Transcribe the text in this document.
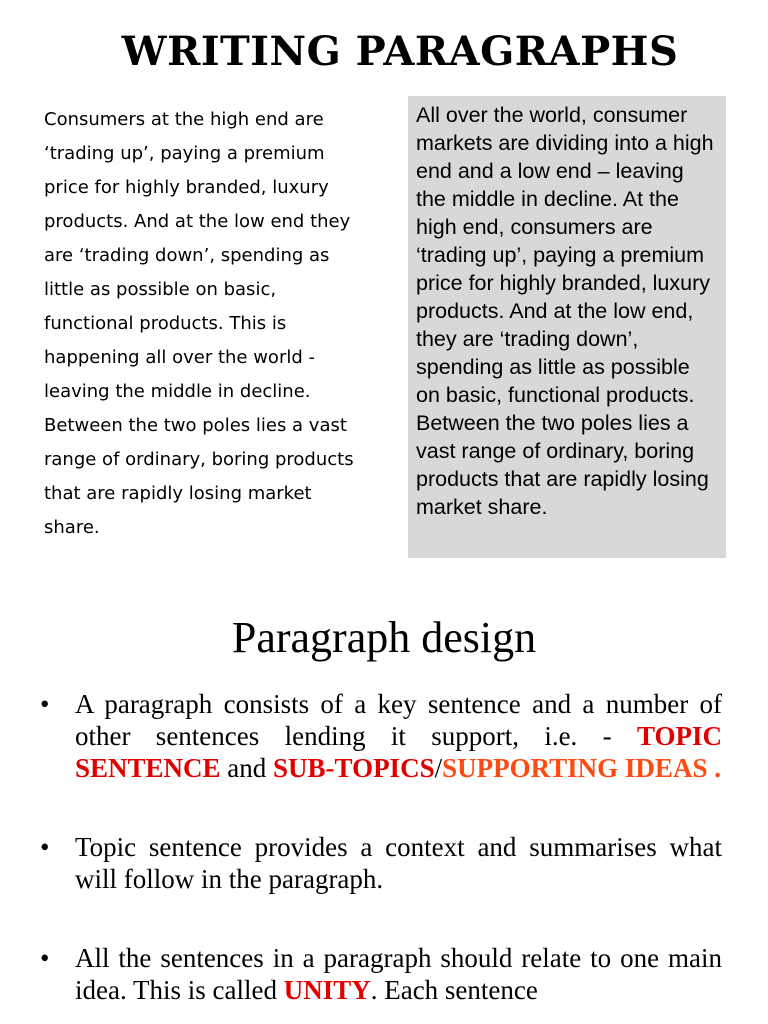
WRITING PARAGRAPHS

Consumers at the high end are ‘trading up’, paying a premium price for highly branded, luxury products. And at the low end they are ‘trading down’, spending as little as possible on basic, functional products. This is happening all over the world - leaving the middle in decline. Between the two poles lies a vast range of ordinary, boring products that are rapidly losing market share.

All over the world, consumer markets are dividing into a high end and a low end – leaving the middle in decline. At the high end, consumers are ‘trading up’, paying a premium price for highly branded, luxury products. And at the low end, they are ‘trading down’, spending as little as possible on basic, functional products. Between the two poles lies a vast range of ordinary, boring products that are rapidly losing market share.

Paragraph design
• A paragraph consists of a key sentence and a number of other sentences lending it support, i.e. - TOPIC SENTENCE and SUB-TOPICS/SUPPORTING IDEAS .
• Topic sentence provides a context and summarises what will follow in the paragraph.
• All the sentences in a paragraph should relate to one main idea. This is called UNITY. Each sentence
